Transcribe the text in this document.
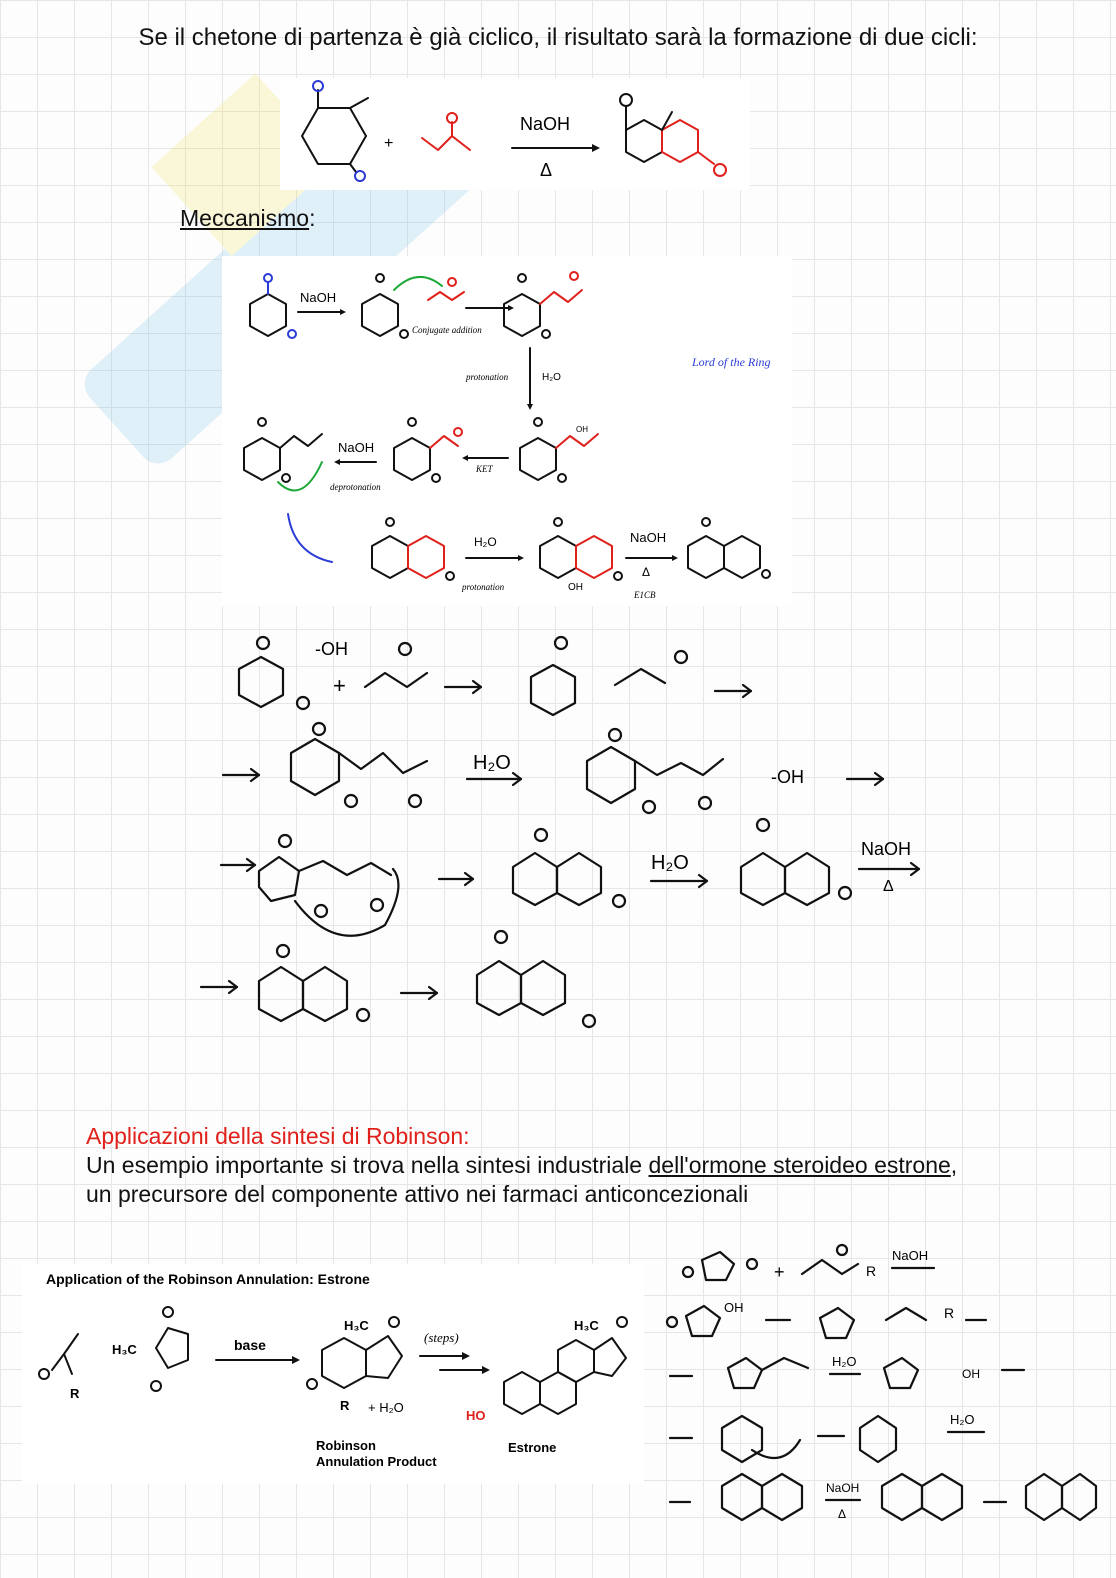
Se il chetone di partenza è già ciclico, il risultato sarà la formazione di due cicli:
+
NaOH
Δ
Meccanismo:
NaOH
Conjugate addition
protonation	H₂O
Lord of the Ring
OH
KET
NaOH
deprotonation
H₂O
protonation	OH
NaOH
Δ
E1CB
-OH
+
H₂O
-OH
H₂O
NaOH
Δ
Applicazioni della sintesi di Robinson:
Un esempio importante si trova nella sintesi industriale dell'ormone steroideo estrone,
un precursore del componente attivo nei farmaci anticoncezionali
Application of the Robinson Annulation: Estrone
R
H₃C	base
H₃C
R + H₂O
Robinson
Annulation Product
(steps)
H₃C
HO
Estrone
+	R
NaOH
OH	R
H₂O
OH
H₂O
NaOH
Δ
